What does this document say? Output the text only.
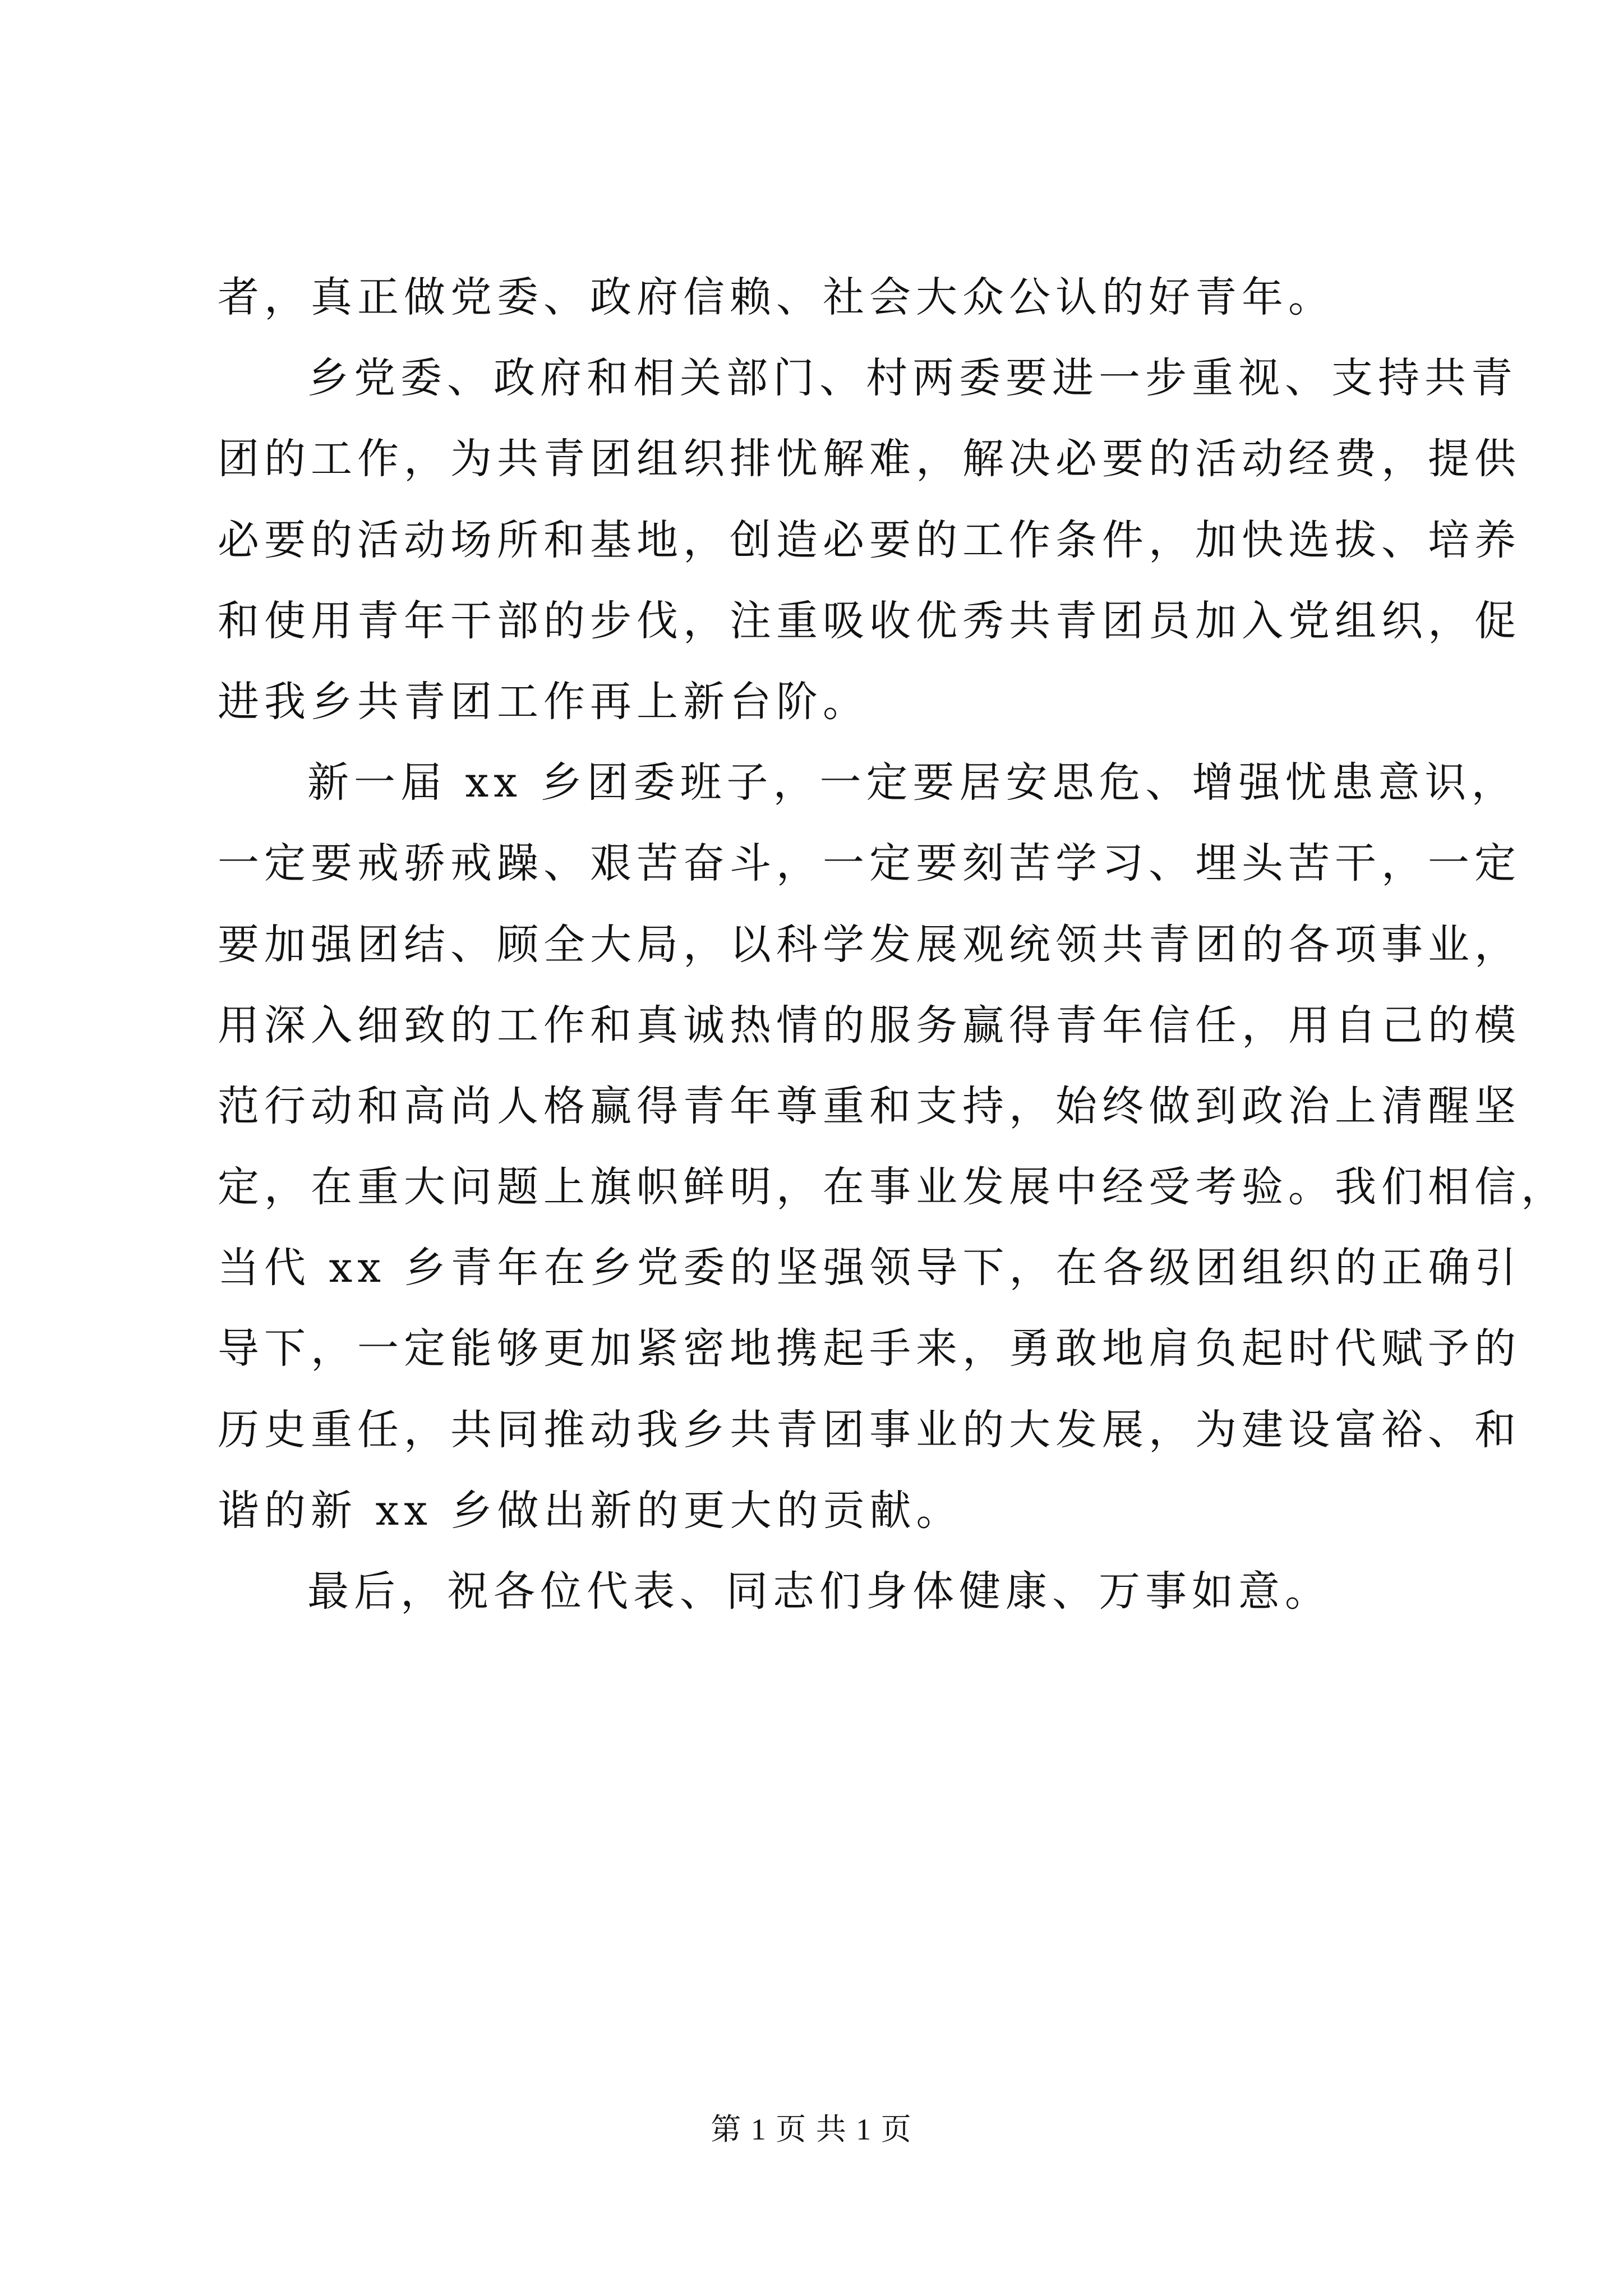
者，真正做党委、政府信赖、社会大众公认的好青年。
乡党委、政府和相关部门、村两委要进一步重视、支持共青
团的工作，为共青团组织排忧解难，解决必要的活动经费，提供
必要的活动场所和基地，创造必要的工作条件，加快选拔、培养
和使用青年干部的步伐，注重吸收优秀共青团员加入党组织，促
进我乡共青团工作再上新台阶。
新一届 xx 乡团委班子，一定要居安思危、增强忧患意识，
一定要戒骄戒躁、艰苦奋斗，一定要刻苦学习、埋头苦干，一定
要加强团结、顾全大局，以科学发展观统领共青团的各项事业，
用深入细致的工作和真诚热情的服务赢得青年信任，用自己的模
范行动和高尚人格赢得青年尊重和支持，始终做到政治上清醒坚
定，在重大问题上旗帜鲜明，在事业发展中经受考验。我们相信，
当代 xx 乡青年在乡党委的坚强领导下，在各级团组织的正确引
导下，一定能够更加紧密地携起手来，勇敢地肩负起时代赋予的
历史重任，共同推动我乡共青团事业的大发展，为建设富裕、和
谐的新 xx 乡做出新的更大的贡献。
最后，祝各位代表、同志们身体健康、万事如意。
第 1 页 共 1 页
